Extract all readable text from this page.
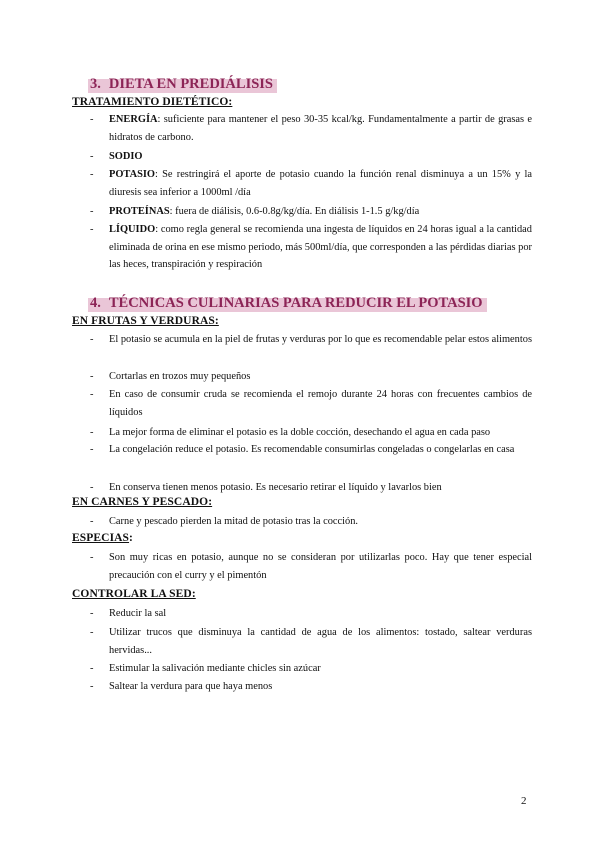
3. DIETA EN PREDIÁLISIS
TRATAMIENTO DIETÉTICO:
- ENERGÍA: suficiente para mantener el peso 30-35 kcal/kg. Fundamentalmente a partir de grasas e hidratos de carbono.
- SODIO
- POTASIO: Se restringirá el aporte de potasio cuando la función renal disminuya a un 15% y la diuresis sea inferior a 1000ml /día
- PROTEÍNAS: fuera de diálisis, 0.6-0.8g/kg/día. En diálisis 1-1.5 g/kg/día
- LÍQUIDO: como regla general se recomienda una ingesta de líquidos en 24 horas igual a la cantidad eliminada de orina en ese mismo periodo, más 500ml/día, que corresponden a las pérdidas diarias por las heces, transpiración y respiración
4. TÉCNICAS CULINARIAS PARA REDUCIR EL POTASIO
EN FRUTAS Y VERDURAS:
- El potasio se acumula en la piel de frutas y verduras por lo que es recomendable pelar estos alimentos
- Cortarlas en trozos muy pequeños
- En caso de consumir cruda se recomienda el remojo durante 24 horas con frecuentes cambios de líquidos
- La mejor forma de eliminar el potasio es la doble cocción, desechando el agua en cada paso
- La congelación reduce el potasio. Es recomendable consumirlas congeladas o congelarlas en casa
- En conserva tienen menos potasio. Es necesario retirar el líquido y lavarlos bien
EN CARNES Y PESCADO:
- Carne y pescado pierden la mitad de potasio tras la cocción.
ESPECIAS:
- Son muy ricas en potasio, aunque no se consideran por utilizarlas poco. Hay que tener especial precaución con el curry y el pimentón
CONTROLAR LA SED:
- Reducir la sal
- Utilizar trucos que disminuya la cantidad de agua de los alimentos: tostado, saltear verduras hervidas...
- Estimular la salivación mediante chicles sin azúcar
- Saltear la verdura para que haya menos
2
